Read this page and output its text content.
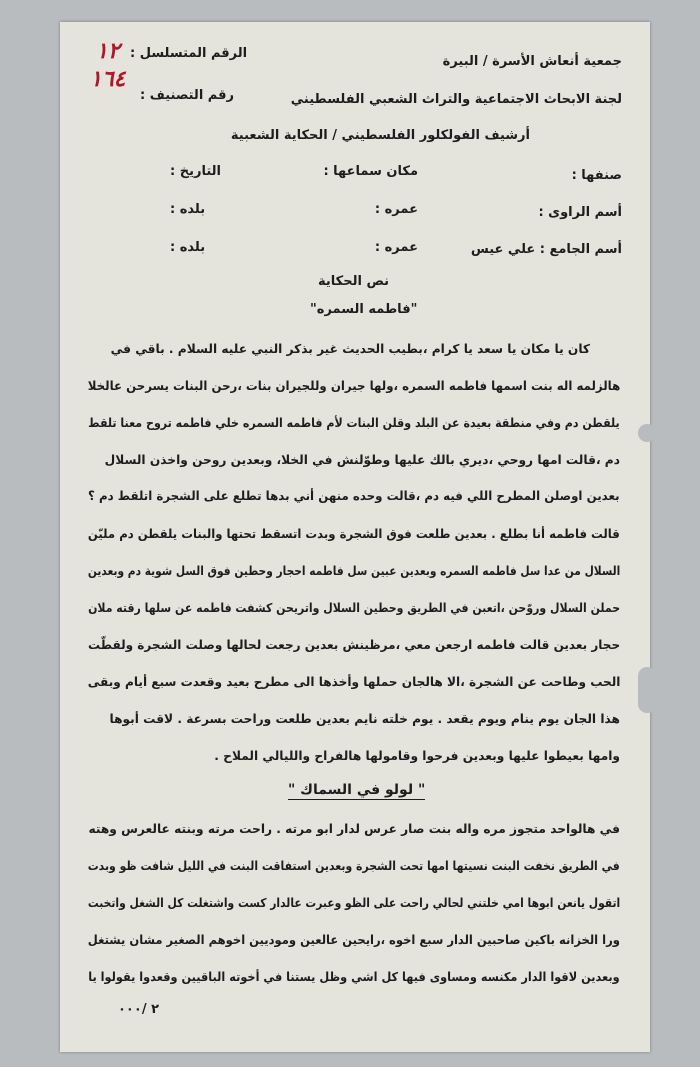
جمعية أنعاش الأسرة / البيرة
لجنة الابحاث الاجتماعية والتراث الشعبي الفلسطيني
أرشيف الفولكلور الفلسطيني / الحكاية الشعبية
الرقم المتسلسل :
١٢
١٦٤
رقم التصنيف :
صنفها :
مكان سماعها :
التاريخ :
أسم الراوى :
عمره :
بلده :
أسم الجامع : علي عيس
عمره :
بلده :
نص الحكاية
"فاطمه السمره"
كان يا مكان يا سعد يا كرام ،بطيب الحديث غير بذكر النبي عليه السلام . باقي في
هالزلمه اله بنت اسمها فاطمه السمره ،ولها جيران وللجيران بنات ،رحن البنات يسرحن عالخلا
يلقطن دم وفي منطقة بعيدة عن البلد وقلن البنات لأم فاطمه السمره خلي فاطمه تروح معنا تلقط
دم ،قالت امها روحي ،ديري بالك عليها وطوّلنش في الخلا، وبعدين روحن واخذن السلال
بعدين اوصلن المطرح اللي فيه دم ،قالت وحده منهن أني بدها تطلع على الشجرة اتلقط دم ؟
قالت فاطمه أنا بطلع . بعدين طلعت فوق الشجرة وبدت اتسقط تحتها والبنات يلقطن دم مليّن
السلال من عدا سل فاطمه السمره وبعدين عبين سل فاطمه احجار وحطين فوق السل شوية دم وبعدين
حملن السلال وروّحن ،اتعبن في الطريق وحطين السلال واتريحن كشفت فاطمه عن سلها رقته ملان
حجار بعدين قالت فاطمه ارجعن معي ،مرظينش بعدين رجعت لحالها وصلت الشجرة ولقطّت
الحب وطاحت عن الشجرة ،الا هالجان حملها وأخذها الى مطرح بعيد وقعدت سبع أيام وبقى
هذا الجان يوم ينام ويوم يقعد . يوم خلته نايم بعدين طلعت وراحت بسرعة . لاقت أبوها
وامها بعيطوا عليها وبعدين فرحوا وقامولها هالفراح والليالي الملاح .
" لولو في السماك "
في هالواحد متجوز مره واله بنت صار عرس لدار ابو مرته . راحت مرته وبنته عالعرس وهته
في الطريق نخفت البنت نسيتها امها تحت الشجرة وبعدين استفاقت البنت في الليل شافت ظو وبدت
اتقول يانعن ابوها امي خلتني لحالي راحت على الظو وعبرت عالدار كست واشتغلت كل الشغل واتخبت
ورا الخزانه باكين صاحبين الدار سبع اخوه ،رايحين عالعين وموديين اخوهم الصغير مشان يشتغل
وبعدين لاقوا الدار مكنسه ومساوى فيها كل اشي وظل يستنا في أخوته الباقيين وقعدوا يقولوا يا
٢ /٠٠٠
